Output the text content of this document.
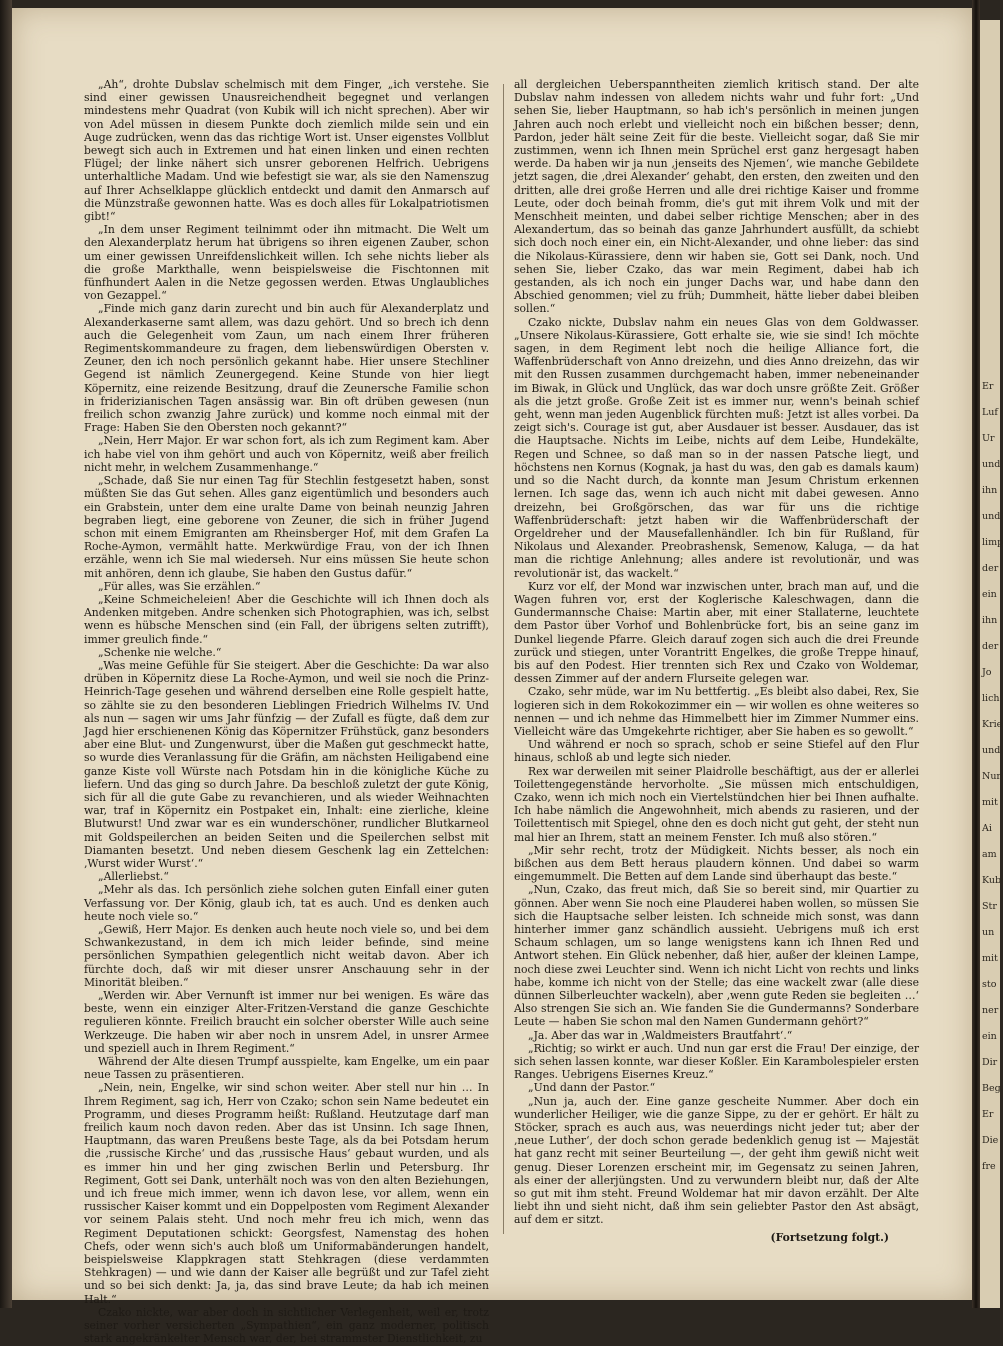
„Ah“, drohte Dubslav schelmisch mit dem Finger, „ich verstehe. Sie sind einer gewissen Unausreichendheit begegnet und verlangen mindestens mehr Quadrat (von Kubik will ich nicht sprechen). Aber wir von Adel müssen in diesem Punkte doch ziemlich milde sein und ein Auge zudrücken, wenn das das richtige Wort ist. Unser eigenstes Vollblut bewegt sich auch in Extremen und hat einen linken und einen rechten Flügel; der linke nähert sich unsrer geborenen Helfrich. Uebrigens unterhaltliche Madam. Und wie befestigt sie war, als sie den Namenszug auf Ihrer Achselklappe glücklich entdeckt und damit den Anmarsch auf die Münzstraße gewonnen hatte. Was es doch alles für Lokalpatriotismen gibt!“

„In dem unser Regiment teilnimmt oder ihn mitmacht. Die Welt um den Alexanderplatz herum hat übrigens so ihren eigenen Zauber, schon um einer gewissen Unreifdenslichkeit willen. Ich sehe nichts lieber als die große Markthalle, wenn beispielsweise die Fischtonnen mit fünfhundert Aalen in die Netze gegossen werden. Etwas Unglaubliches von Gezappel.“

„Finde mich ganz darin zurecht und bin auch für Alexanderplatz und Alexanderkaserne samt allem, was dazu gehört. Und so brech ich denn auch die Gelegenheit vom Zaun, um nach einem Ihrer früheren Regimentskommandeure zu fragen, dem liebenswürdigen Obersten v. Zeuner, den ich noch persönlich gekannt habe. Hier unsere Stechliner Gegend ist nämlich Zeunergegend. Keine Stunde von hier liegt Köpernitz, eine reizende Besitzung, drauf die Zeunersche Familie schon in friderizianischen Tagen ansässig war. Bin oft drüben gewesen (nun freilich schon zwanzig Jahre zurück) und komme noch einmal mit der Frage: Haben Sie den Obersten noch gekannt?“

„Nein, Herr Major. Er war schon fort, als ich zum Regiment kam. Aber ich habe viel von ihm gehört und auch von Köpernitz, weiß aber freilich nicht mehr, in welchem Zusammenhange.“

„Schade, daß Sie nur einen Tag für Stechlin festgesetzt haben, sonst müßten Sie das Gut sehen. Alles ganz eigentümlich und besonders auch ein Grabstein, unter dem eine uralte Dame von beinah neunzig Jahren begraben liegt, eine geborene von Zeuner, die sich in früher Jugend schon mit einem Emigranten am Rheinsberger Hof, mit dem Grafen La Roche-Aymon, vermählt hatte. Merkwürdige Frau, von der ich Ihnen erzähle, wenn ich Sie mal wiederseh. Nur eins müssen Sie heute schon mit anhören, denn ich glaube, Sie haben den Gustus dafür.“

„Für alles, was Sie erzählen.“

„Keine Schmeicheleien! Aber die Geschichte will ich Ihnen doch als Andenken mitgeben. Andre schenken sich Photographien, was ich, selbst wenn es hübsche Menschen sind (ein Fall, der übrigens selten zutrifft), immer greulich finde.“

„Schenke nie welche.“

„Was meine Gefühle für Sie steigert. Aber die Geschichte: Da war also drüben in Köpernitz diese La Roche-Aymon, und weil sie noch die Prinz-Heinrich-Tage gesehen und während derselben eine Rolle gespielt hatte, so zählte sie zu den besonderen Lieblingen Friedrich Wilhelms IV. Und als nun — sagen wir ums Jahr fünfzig — der Zufall es fügte, daß dem zur Jagd hier erschienenen König das Köpernitzer Frühstück, ganz besonders aber eine Blut- und Zungenwurst, über die Maßen gut geschmeckt hatte, so wurde dies Veranlassung für die Gräfin, am nächsten Heiligabend eine ganze Kiste voll Würste nach Potsdam hin in die königliche Küche zu liefern. Und das ging so durch Jahre. Da beschloß zuletzt der gute König, sich für all die gute Gabe zu revanchieren, und als wieder Weihnachten war, traf in Köpernitz ein Postpaket ein, Inhalt: eine zierliche, kleine Blutwurst! Und zwar war es ein wunderschöner, rundlicher Blutkarneol mit Goldspeilerchen an beiden Seiten und die Speilerchen selbst mit Diamanten besetzt. Und neben diesem Geschenk lag ein Zettelchen: ‚Wurst wider Wurst‘.“

„Allerliebst.“

„Mehr als das. Ich persönlich ziehe solchen guten Einfall einer guten Verfassung vor. Der König, glaub ich, tat es auch. Und es denken auch heute noch viele so.“

„Gewiß, Herr Major. Es denken auch heute noch viele so, und bei dem Schwankezustand, in dem ich mich leider befinde, sind meine persönlichen Sympathien gelegentlich nicht weitab davon. Aber ich fürchte doch, daß wir mit dieser unsrer Anschauung sehr in der Minorität bleiben.“

„Werden wir. Aber Vernunft ist immer nur bei wenigen. Es wäre das beste, wenn ein einziger Alter-Fritzen-Verstand die ganze Geschichte regulieren könnte. Freilich braucht ein solcher oberster Wille auch seine Werkzeuge. Die haben wir aber noch in unsrem Adel, in unsrer Armee und speziell auch in Ihrem Regiment.“

Während der Alte diesen Trumpf ausspielte, kam Engelke, um ein paar neue Tassen zu präsentieren.

„Nein, nein, Engelke, wir sind schon weiter. Aber stell nur hin … In Ihrem Regiment, sag ich, Herr von Czako; schon sein Name bedeutet ein Programm, und dieses Programm heißt: Rußland. Heutzutage darf man freilich kaum noch davon reden. Aber das ist Unsinn. Ich sage Ihnen, Hauptmann, das waren Preußens beste Tage, als da bei Potsdam herum die ‚russische Kirche‘ und das ‚russische Haus‘ gebaut wurden, und als es immer hin und her ging zwischen Berlin und Petersburg. Ihr Regiment, Gott sei Dank, unterhält noch was von den alten Beziehungen, und ich freue mich immer, wenn ich davon lese, vor allem, wenn ein russischer Kaiser kommt und ein Doppelposten vom Regiment Alexander vor seinem Palais steht. Und noch mehr freu ich mich, wenn das Regiment Deputationen schickt: Georgsfest, Namenstag des hohen Chefs, oder wenn sich's auch bloß um Uniformabänderungen handelt, beispielsweise Klappkragen statt Stehkragen (diese verdammten Stehkragen) — und wie dann der Kaiser alle begrüßt und zur Tafel zieht und so bei sich denkt: Ja, ja, das sind brave Leute; da hab ich meinen Halt.“

Czako nickte, war aber doch in sichtlicher Verlegenheit, weil er, trotz seiner vorher versicherten „Sympathien“, ein ganz moderner, politisch stark angekränkelter Mensch war, der, bei strammster Dienstlichkeit, zu

all dergleichen Ueberspanntheiten ziemlich kritisch stand. Der alte Dubslav nahm indessen von alledem nichts wahr und fuhr fort: „Und sehen Sie, lieber Hauptmann, so hab ich's persönlich in meinen jungen Jahren auch noch erlebt und vielleicht noch ein bißchen besser; denn, Pardon, jeder hält seine Zeit für die beste. Vielleicht sogar, daß Sie mir zustimmen, wenn ich Ihnen mein Sprüchel erst ganz hergesagt haben werde. Da haben wir ja nun ‚jenseits des Njemen‘, wie manche Gebildete jetzt sagen, die ‚drei Alexander‘ gehabt, den ersten, den zweiten und den dritten, alle drei große Herren und alle drei richtige Kaiser und fromme Leute, oder doch beinah fromm, die's gut mit ihrem Volk und mit der Menschheit meinten, und dabei selber richtige Menschen; aber in des Alexandertum, das so beinah das ganze Jahrhundert ausfüllt, da schiebt sich doch noch einer ein, ein Nicht-Alexander, und ohne lieber: das sind die Nikolaus-Kürassiere, denn wir haben sie, Gott sei Dank, noch. Und sehen Sie, lieber Czako, das war mein Regiment, dabei hab ich gestanden, als ich noch ein junger Dachs war, und habe dann den Abschied genommen; viel zu früh; Dummheit, hätte lieber dabei bleiben sollen.“

Czako nickte, Dubslav nahm ein neues Glas von dem Goldwasser. „Unsere Nikolaus-Kürassiere, Gott erhalte sie, wie sie sind! Ich möchte sagen, in dem Regiment lebt noch die heilige Alliance fort, die Waffenbrüderschaft von Anno dreizehn, und dies Anno dreizehn, das wir mit den Russen zusammen durchgemacht haben, immer nebeneinander im Biwak, in Glück und Unglück, das war doch unsre größte Zeit. Größer als die jetzt große. Große Zeit ist es immer nur, wenn's beinah schief geht, wenn man jeden Augenblick fürchten muß: Jetzt ist alles vorbei. Da zeigt sich's. Courage ist gut, aber Ausdauer ist besser. Ausdauer, das ist die Hauptsache. Nichts im Leibe, nichts auf dem Leibe, Hundekälte, Regen und Schnee, so daß man so in der nassen Patsche liegt, und höchstens nen Kornus (Kognak, ja hast du was, den gab es damals kaum) und so die Nacht durch, da konnte man Jesum Christum erkennen lernen. Ich sage das, wenn ich auch nicht mit dabei gewesen. Anno dreizehn, bei Großgörschen, das war für uns die richtige Waffenbrüderschaft: jetzt haben wir die Waffenbrüderschaft der Orgeldreher und der Mausefallenhändler. Ich bin für Rußland, für Nikolaus und Alexander. Preobrashensk, Semenow, Kaluga, — da hat man die richtige Anlehnung; alles andere ist revolutionär, und was revolutionär ist, das wackelt.“

Kurz vor elf, der Mond war inzwischen unter, brach man auf, und die Wagen fuhren vor, erst der Koglerische Kaleschwagen, dann die Gundermannsche Chaise: Martin aber, mit einer Stallaterne, leuchtete dem Pastor über Vorhof und Bohlenbrücke fort, bis an seine ganz im Dunkel liegende Pfarre. Gleich darauf zogen sich auch die drei Freunde zurück und stiegen, unter Vorantritt Engelkes, die große Treppe hinauf, bis auf den Podest. Hier trennten sich Rex und Czako von Woldemar, dessen Zimmer auf der andern Flurseite gelegen war.

Czako, sehr müde, war im Nu bettfertig. „Es bleibt also dabei, Rex, Sie logieren sich in dem Rokokozimmer ein — wir wollen es ohne weiteres so nennen — und ich nehme das Himmelbett hier im Zimmer Nummer eins. Vielleicht wäre das Umgekehrte richtiger, aber Sie haben es so gewollt.“

Und während er noch so sprach, schob er seine Stiefel auf den Flur hinaus, schloß ab und legte sich nieder.

Rex war derweilen mit seiner Plaidrolle beschäftigt, aus der er allerlei Toilettengegenstände hervorholte. „Sie müssen mich entschuldigen, Czako, wenn ich mich noch ein Viertelstündchen hier bei Ihnen aufhalte. Ich habe nämlich die Angewohnheit, mich abends zu rasieren, und der Toilettentisch mit Spiegel, ohne den es doch nicht gut geht, der steht nun mal hier an Ihrem, statt an meinem Fenster. Ich muß also stören.“

„Mir sehr recht, trotz der Müdigkeit. Nichts besser, als noch ein bißchen aus dem Bett heraus plaudern können. Und dabei so warm eingemummelt. Die Betten auf dem Lande sind überhaupt das beste.“

„Nun, Czako, das freut mich, daß Sie so bereit sind, mir Quartier zu gönnen. Aber wenn Sie noch eine Plauderei haben wollen, so müssen Sie sich die Hauptsache selber leisten. Ich schneide mich sonst, was dann hinterher immer ganz schändlich aussieht. Uebrigens muß ich erst Schaum schlagen, um so lange wenigstens kann ich Ihnen Red und Antwort stehen. Ein Glück nebenher, daß hier, außer der kleinen Lampe, noch diese zwei Leuchter sind. Wenn ich nicht Licht von rechts und links habe, komme ich nicht von der Stelle; das eine wackelt zwar (alle diese dünnen Silberleuchter wackeln), aber ‚wenn gute Reden sie begleiten …‘ Also strengen Sie sich an. Wie fanden Sie die Gundermanns? Sonderbare Leute — haben Sie schon mal den Namen Gundermann gehört?“

„Ja. Aber das war in ‚Waldmeisters Brautfahrt‘.“

„Richtig; so wirkt er auch. Und nun gar erst die Frau! Der einzige, der sich sehen lassen konnte, war dieser Koßler. Ein Karambolespieler ersten Ranges. Uebrigens Eisernes Kreuz.“

„Und dann der Pastor.“

„Nun ja, auch der. Eine ganze gescheite Nummer. Aber doch ein wunderlicher Heiliger, wie die ganze Sippe, zu der er gehört. Er hält zu Stöcker, sprach es auch aus, was neuerdings nicht jeder tut; aber der ‚neue Luther‘, der doch schon gerade bedenklich genug ist — Majestät hat ganz recht mit seiner Beurteilung —, der geht ihm gewiß nicht weit genug. Dieser Lorenzen erscheint mir, im Gegensatz zu seinen Jahren, als einer der allerjüngsten. Und zu verwundern bleibt nur, daß der Alte so gut mit ihm steht. Freund Woldemar hat mir davon erzählt. Der Alte liebt ihn und sieht nicht, daß ihm sein geliebter Pastor den Ast absägt, auf dem er sitzt.

(Fortsetzung folgt.)
Er
Luf
Ur
und
ihn
und
limp
der
ein
ihn
der
Jo
lich
Krie
und
Nur
mit
Ai
am
Kub
Str
un
mit
sto
ner
ein
Dir
Beg
Er
Die
fre
